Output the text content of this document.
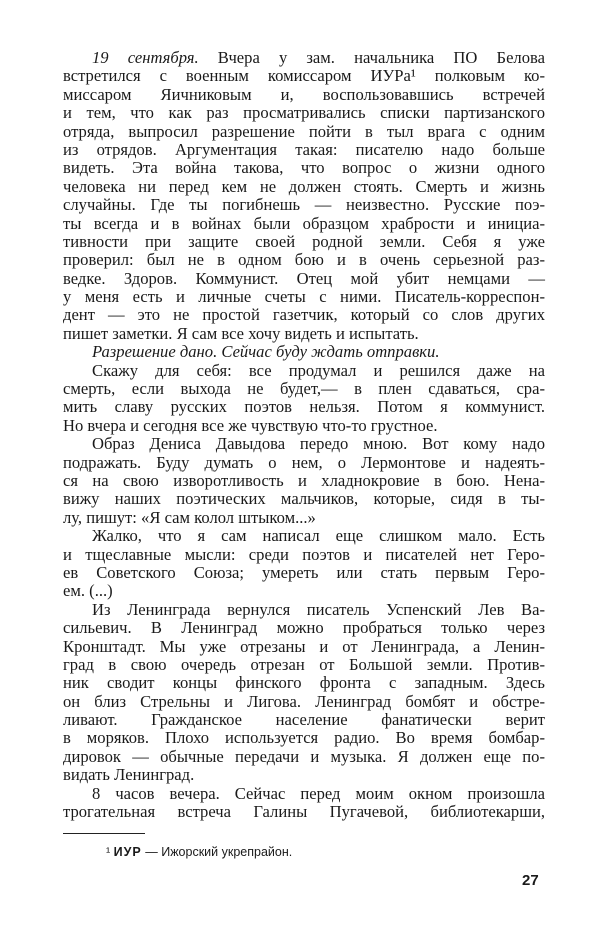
19 сентября. Вчера у зам. начальника ПО Белова
встретился с военным комиссаром ИУРа¹ полковым ко-
миссаром Яичниковым и, воспользовавшись встречей
и тем, что как раз просматривались списки партизанского
отряда, выпросил разрешение пойти в тыл врага с одним
из отрядов. Аргументация такая: писателю надо больше
видеть. Эта война такова, что вопрос о жизни одного
человека ни перед кем не должен стоять. Смерть и жизнь
случайны. Где ты погибнешь — неизвестно. Русские поэ-
ты всегда и в войнах были образцом храбрости и инициа-
тивности при защите своей родной земли. Себя я уже
проверил: был не в одном бою и в очень серьезной раз-
ведке. Здоров. Коммунист. Отец мой убит немцами —
у меня есть и личные счеты с ними. Писатель-корреспон-
дент — это не простой газетчик, который со слов других
пишет заметки. Я сам все хочу видеть и испытать.
Разрешение дано. Сейчас буду ждать отправки.
Скажу для себя: все продумал и решился даже на
смерть, если выхода не будет,— в плен сдаваться, сра-
мить славу русских поэтов нельзя. Потом я коммунист.
Но вчера и сегодня все же чувствую что-то грустное.
Образ Дениса Давыдова передо мною. Вот кому надо
подражать. Буду думать о нем, о Лермонтове и надеять-
ся на свою изворотливость и хладнокровие в бою. Нена-
вижу наших поэтических мальчиков, которые, сидя в ты-
лу, пишут: «Я сам колол штыком...»
Жалко, что я сам написал еще слишком мало. Есть
и тщеславные мысли: среди поэтов и писателей нет Геро-
ев Советского Союза; умереть или стать первым Геро-
ем. (...)
Из Ленинграда вернулся писатель Успенский Лев Ва-
сильевич. В Ленинград можно пробраться только через
Кронштадт. Мы уже отрезаны и от Ленинграда, а Ленин-
град в свою очередь отрезан от Большой земли. Против-
ник сводит концы финского фронта с западным. Здесь
он близ Стрельны и Лигова. Ленинград бомбят и обстре-
ливают. Гражданское население фанатически верит
в моряков. Плохо используется радио. Во время бомбар-
дировок — обычные передачи и музыка. Я должен еще по-
видать Ленинград.
8 часов вечера. Сейчас перед моим окном произошла
трогательная встреча Галины Пугачевой, библиотекарши,
¹ ИУР — Ижорский укрепрайон.
27
